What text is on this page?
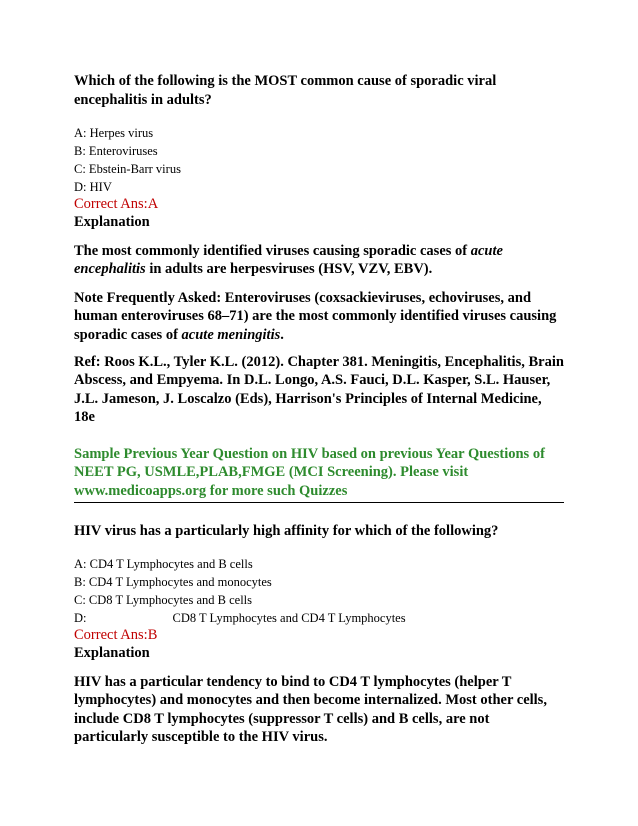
Which of the following is the MOST common cause of sporadic viral encephalitis in adults?
A: Herpes virus
B: Enteroviruses
C: Ebstein-Barr virus
D: HIV
Correct Ans:A
Explanation
The most commonly identified viruses causing sporadic cases of acute encephalitis in adults are herpesviruses (HSV, VZV, EBV).
Note Frequently Asked: Enteroviruses (coxsackieviruses, echoviruses, and human enteroviruses 68–71) are the most commonly identified viruses causing sporadic cases of acute meningitis.
Ref: Roos K.L., Tyler K.L. (2012). Chapter 381. Meningitis, Encephalitis, Brain Abscess, and Empyema. In D.L. Longo, A.S. Fauci, D.L. Kasper, S.L. Hauser, J.L. Jameson, J. Loscalzo (Eds), Harrison's Principles of Internal Medicine, 18e
Sample Previous Year Question on HIV based on previous Year Questions of NEET PG, USMLE,PLAB,FMGE (MCI Screening). Please visit www.medicoapps.org for more such Quizzes
HIV virus has a particularly high affinity for which of the following?
A: CD4 T Lymphocytes and B cells
B: CD4 T Lymphocytes and monocytes
C: CD8 T Lymphocytes and B cells
D:	CD8 T Lymphocytes and CD4 T Lymphocytes
Correct Ans:B
Explanation
HIV has a particular tendency to bind to CD4 T lymphocytes (helper T lymphocytes) and monocytes and then become internalized. Most other cells, include CD8 T lymphocytes (suppressor T cells) and B cells, are not particularly susceptible to the HIV virus.
